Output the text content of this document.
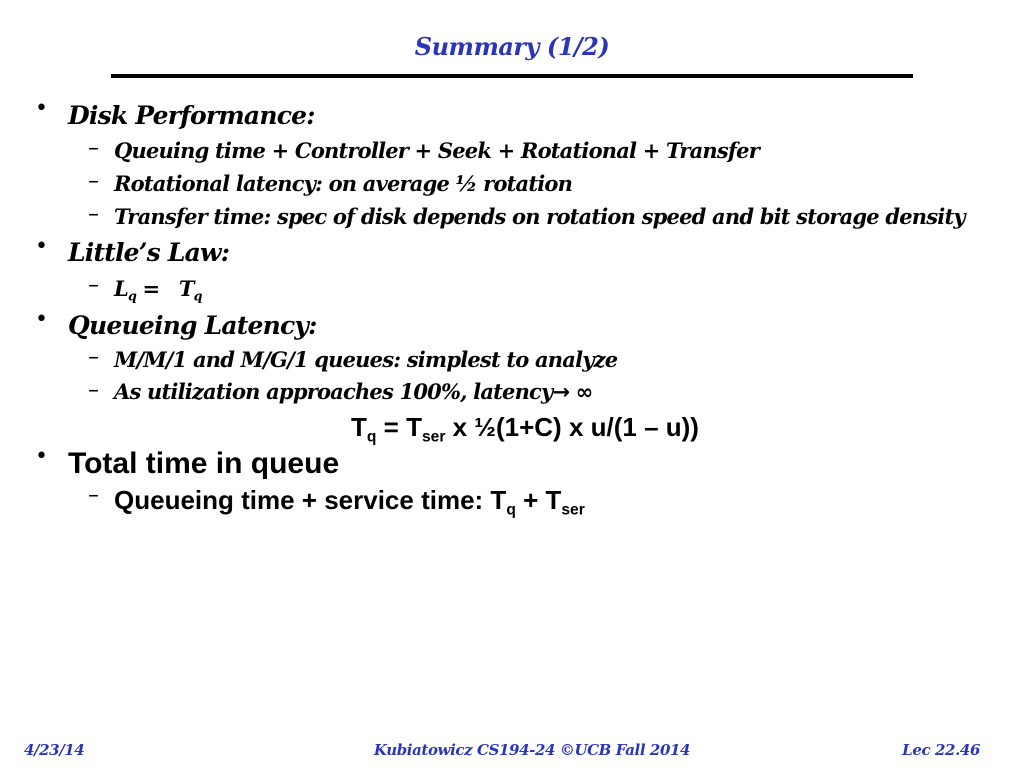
Summary (1/2)
• Disk Performance:
– Queuing time + Controller + Seek + Rotational + Transfer
– Rotational latency: on average ½ rotation
– Transfer time: spec of disk depends on rotation speed and bit storage density
• Little’s Law:
– $L_q = T_q$
• Queueing Latency:
– M/M/1 and M/G/1 queues: simplest to analyze
– As utilization approaches 100%, latency→ ∞
$T_q = T_{ser}$ x ½(1+C) x u/(1 – u))
• Total time in queue
– Queueing time + service time: $T_q + T_{ser}$
4/23/14	Kubiatowicz CS194-24 ©UCB Fall 2014	Lec 22.46
